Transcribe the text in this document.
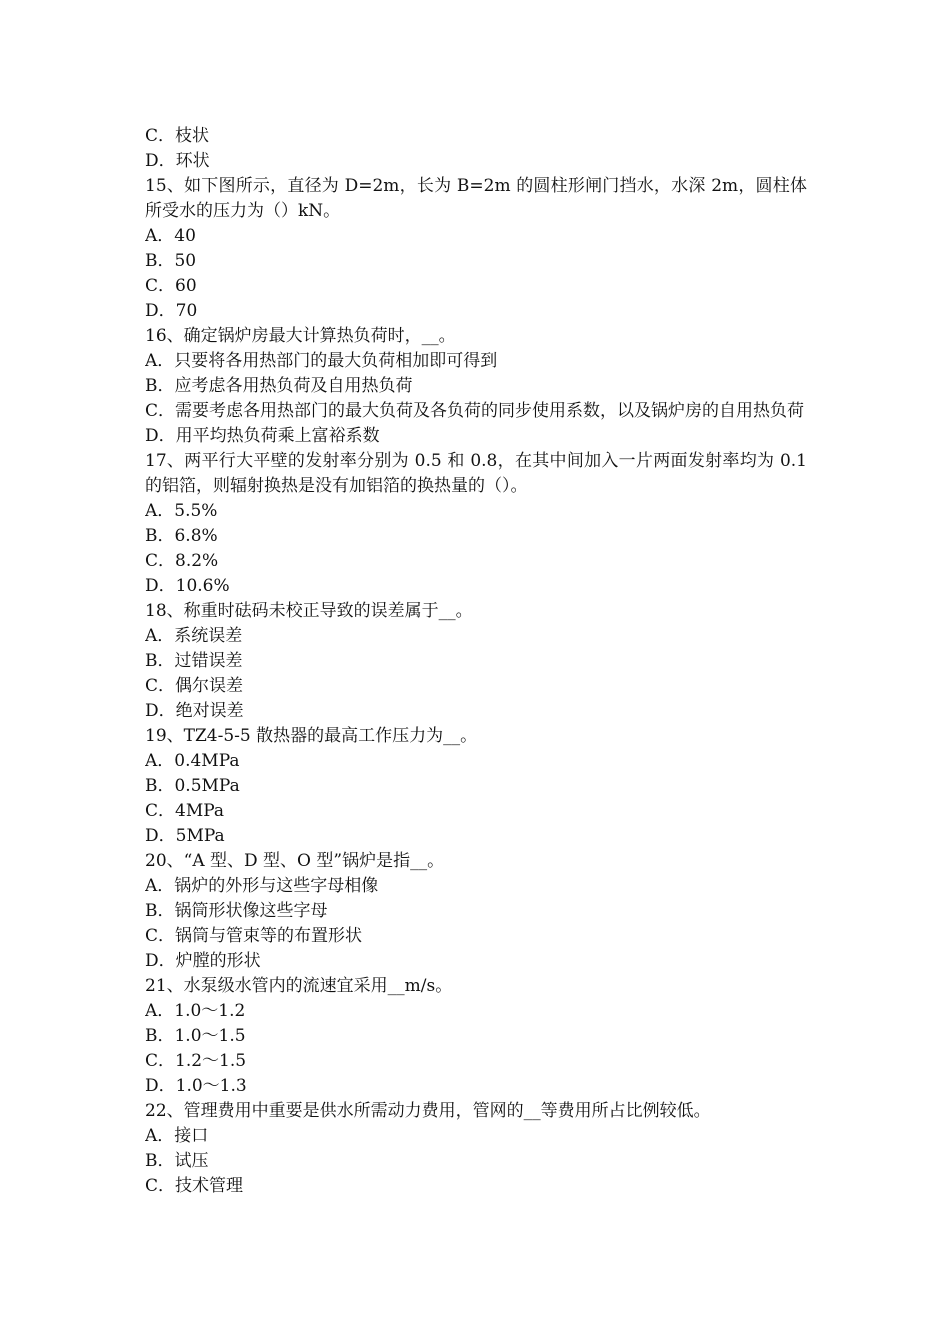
C．枝状
D．环状
15、如下图所示，直径为 D=2m，长为 B=2m 的圆柱形闸门挡水，水深 2m，圆柱体所受水的压力为（）kN。
A．40
B．50
C．60
D．70
16、确定锅炉房最大计算热负荷时，__。
A．只要将各用热部门的最大负荷相加即可得到
B．应考虑各用热负荷及自用热负荷
C．需要考虑各用热部门的最大负荷及各负荷的同步使用系数，以及锅炉房的自用热负荷
D．用平均热负荷乘上富裕系数
17、两平行大平壁的发射率分别为 0.5 和 0.8，在其中间加入一片两面发射率均为 0.1 的铝箔，则辐射换热是没有加铝箔的换热量的（）。
A．5.5%
B．6.8%
C．8.2%
D．10.6%
18、称重时砝码未校正导致的误差属于__。
A．系统误差
B．过错误差
C．偶尔误差
D．绝对误差
19、TZ4-5-5 散热器的最高工作压力为__。
A．0.4MPa
B．0.5MPa
C．4MPa
D．5MPa
20、“A 型、D 型、O 型”锅炉是指__。
A．锅炉的外形与这些字母相像
B．锅筒形状像这些字母
C．锅筒与管束等的布置形状
D．炉膛的形状
21、水泵级水管内的流速宜采用__m/s。
A．1.0～1.2
B．1.0～1.5
C．1.2～1.5
D．1.0～1.3
22、管理费用中重要是供水所需动力费用，管网的__等费用所占比例较低。
A．接口
B．试压
C．技术管理
